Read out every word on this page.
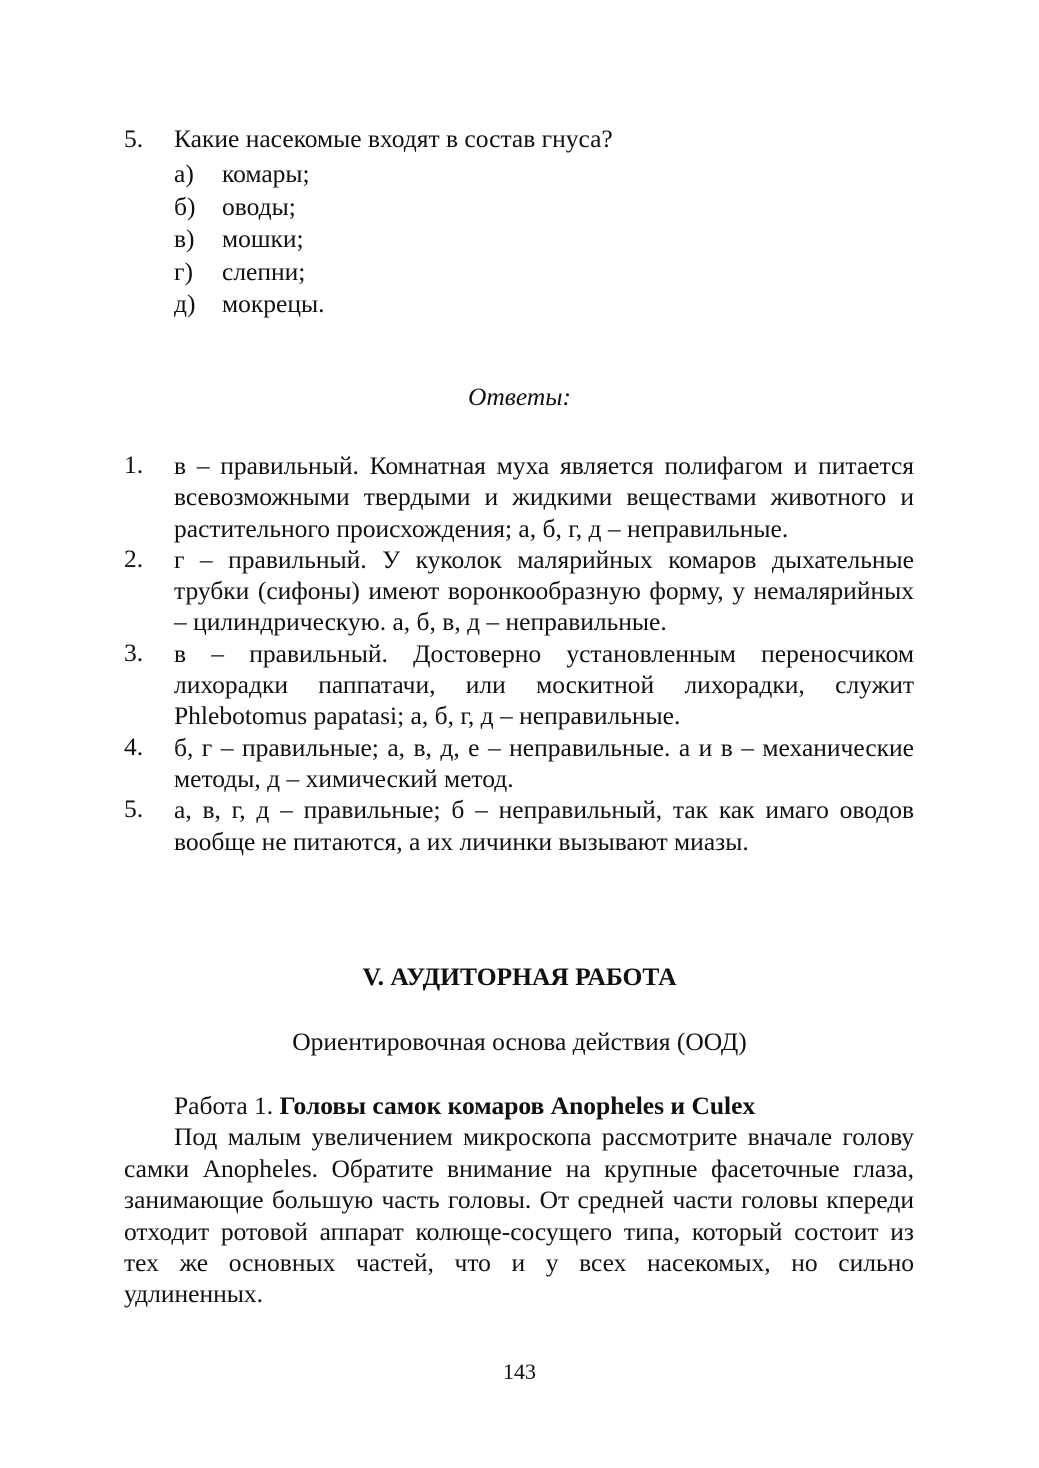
5. Какие насекомые входят в состав гнуса?
а) комары;
б) оводы;
в) мошки;
г) слепни;
д) мокрецы.
Ответы:
1. в – правильный. Комнатная муха является полифагом и питается всевозможными твердыми и жидкими веществами животного и растительного происхождения; а, б, г, д – неправильные.
2. г – правильный. У куколок малярийных комаров дыхательные трубки (сифоны) имеют воронкообразную форму, у немалярийных – цилиндрическую. а, б, в, д – неправильные.
3. в – правильный. Достоверно установленным переносчиком лихорадки паппатачи, или москитной лихорадки, служит Phlebotomus papatasi; а, б, г, д – неправильные.
4. б, г – правильные; а, в, д, е – неправильные. а и в – механические методы, д – химический метод.
5. а, в, г, д – правильные; б – неправильный, так как имаго оводов вообще не питаются, а их личинки вызывают миазы.
V. АУДИТОРНАЯ РАБОТА
Ориентировочная основа действия (ООД)
Работа 1. Головы самок комаров Anopheles и Culex
Под малым увеличением микроскопа рассмотрите вначале голову самки Anopheles. Обратите внимание на крупные фасеточные глаза, занимающие большую часть головы. От средней части головы кпереди отходит ротовой аппарат колюще-сосущего типа, который состоит из тех же основных частей, что и у всех насекомых, но сильно удлиненных.
143
